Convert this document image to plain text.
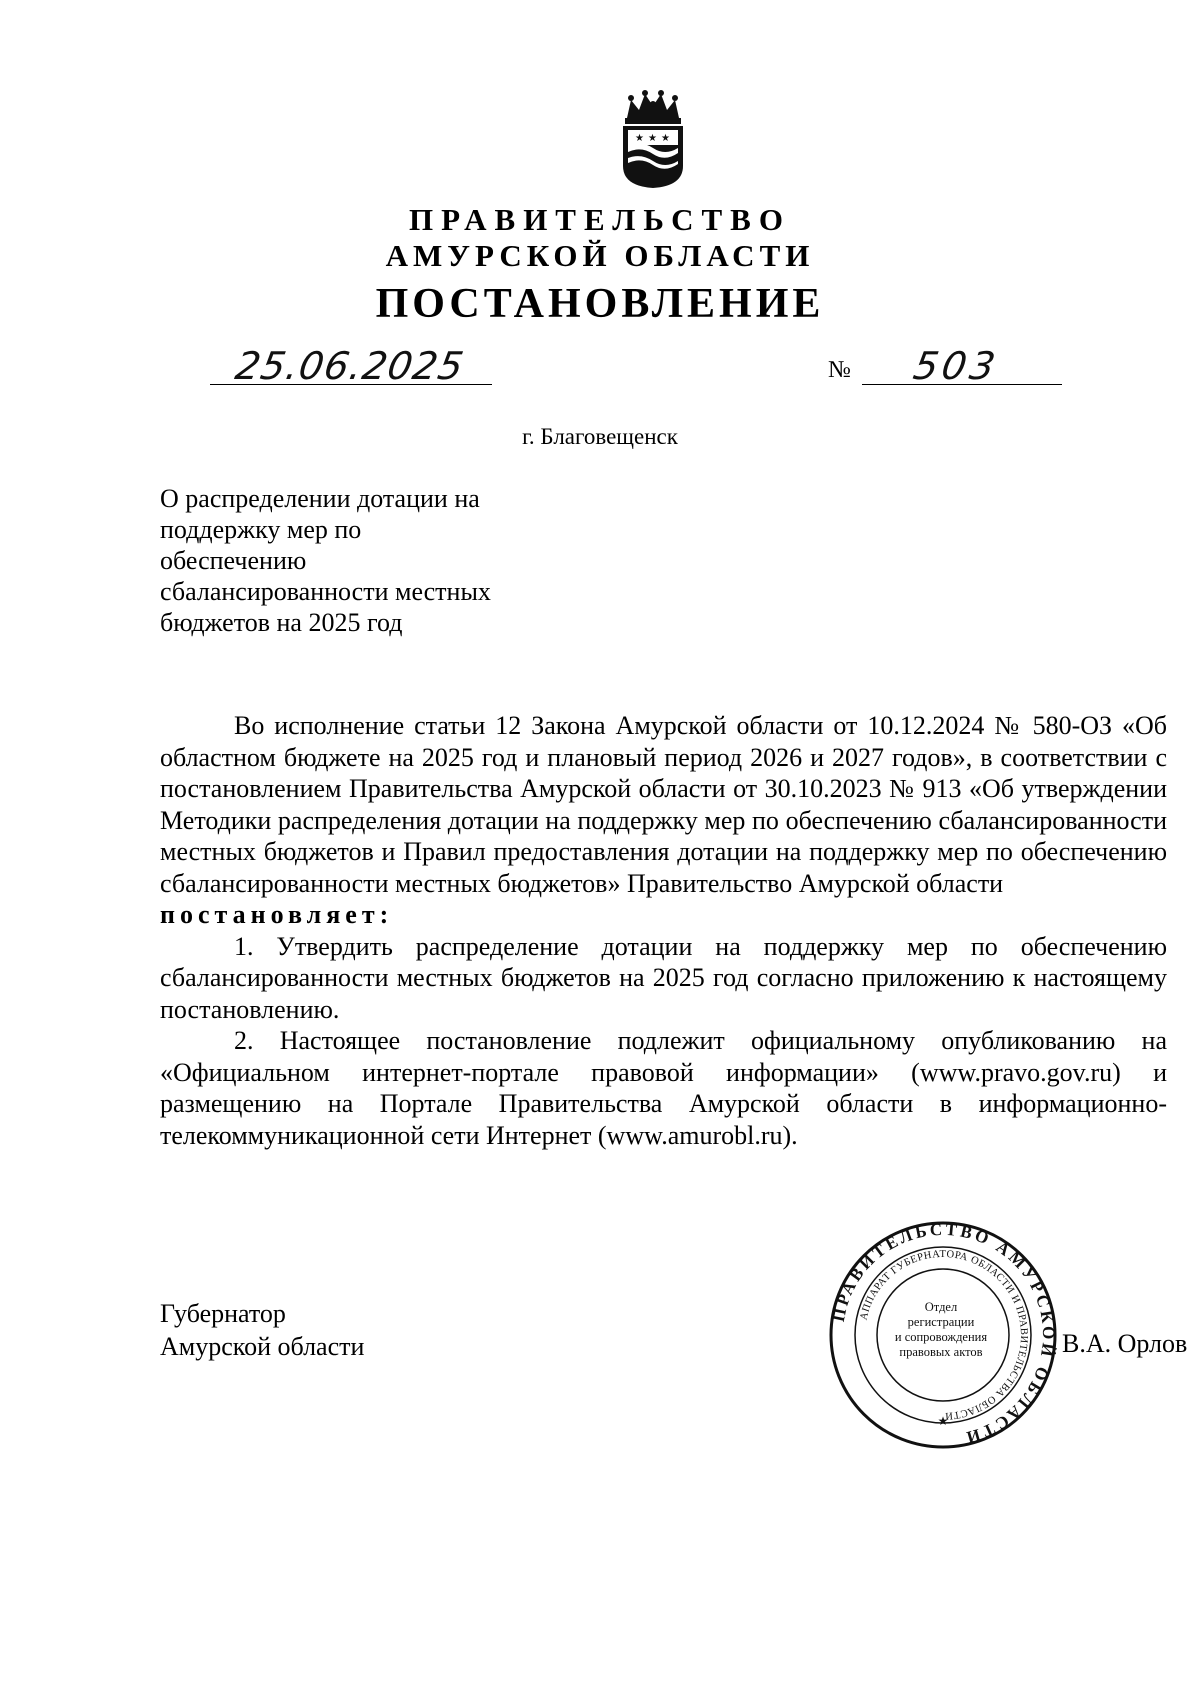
★ ★ ★
ПРАВИТЕЛЬСТВО
АМУРСКОЙ ОБЛАСТИ
ПОСТАНОВЛЕНИЕ
25.06.2025	№ 503
г. Благовещенск
О распределении дотации на
поддержку мер по
обеспечению
сбалансированности местных
бюджетов на 2025 год

Во исполнение статьи 12 Закона Амурской области от 10.12.2024 № 580-ОЗ «Об областном бюджете на 2025 год и плановый период 2026 и 2027 годов», в соответствии с постановлением Правительства Амурской области от 30.10.2023 № 913 «Об утверждении Методики распределения дотации на поддержку мер по обеспечению сбалансированности местных бюджетов и Правил предоставления дотации на поддержку мер по обеспечению сбалансированности местных бюджетов» Правительство Амурской области

постановляет:

1. Утвердить распределение дотации на поддержку мер по обеспечению сбалансированности местных бюджетов на 2025 год согласно приложению к настоящему постановлению.

2. Настоящее постановление подлежит официальному опубликованию на «Официальном интернет-портале правовой информации» (www.pravo.gov.ru) и размещению на Портале Правительства Амурской области в информационно-телекоммуникационной сети Интернет (www.amurobl.ru).

Губернатор
Амурской области
ПРАВИТЕЛЬСТВО АМУРСКОЙ ОБЛАСТИ
АППАРАТ ГУБЕРНАТОРА ОБЛАСТИ И ПРАВИТЕЛЬСТВА ОБЛАСТИ
★
Отдел
регистрации
и сопровождения
правовых актов	В.А. Орлов
